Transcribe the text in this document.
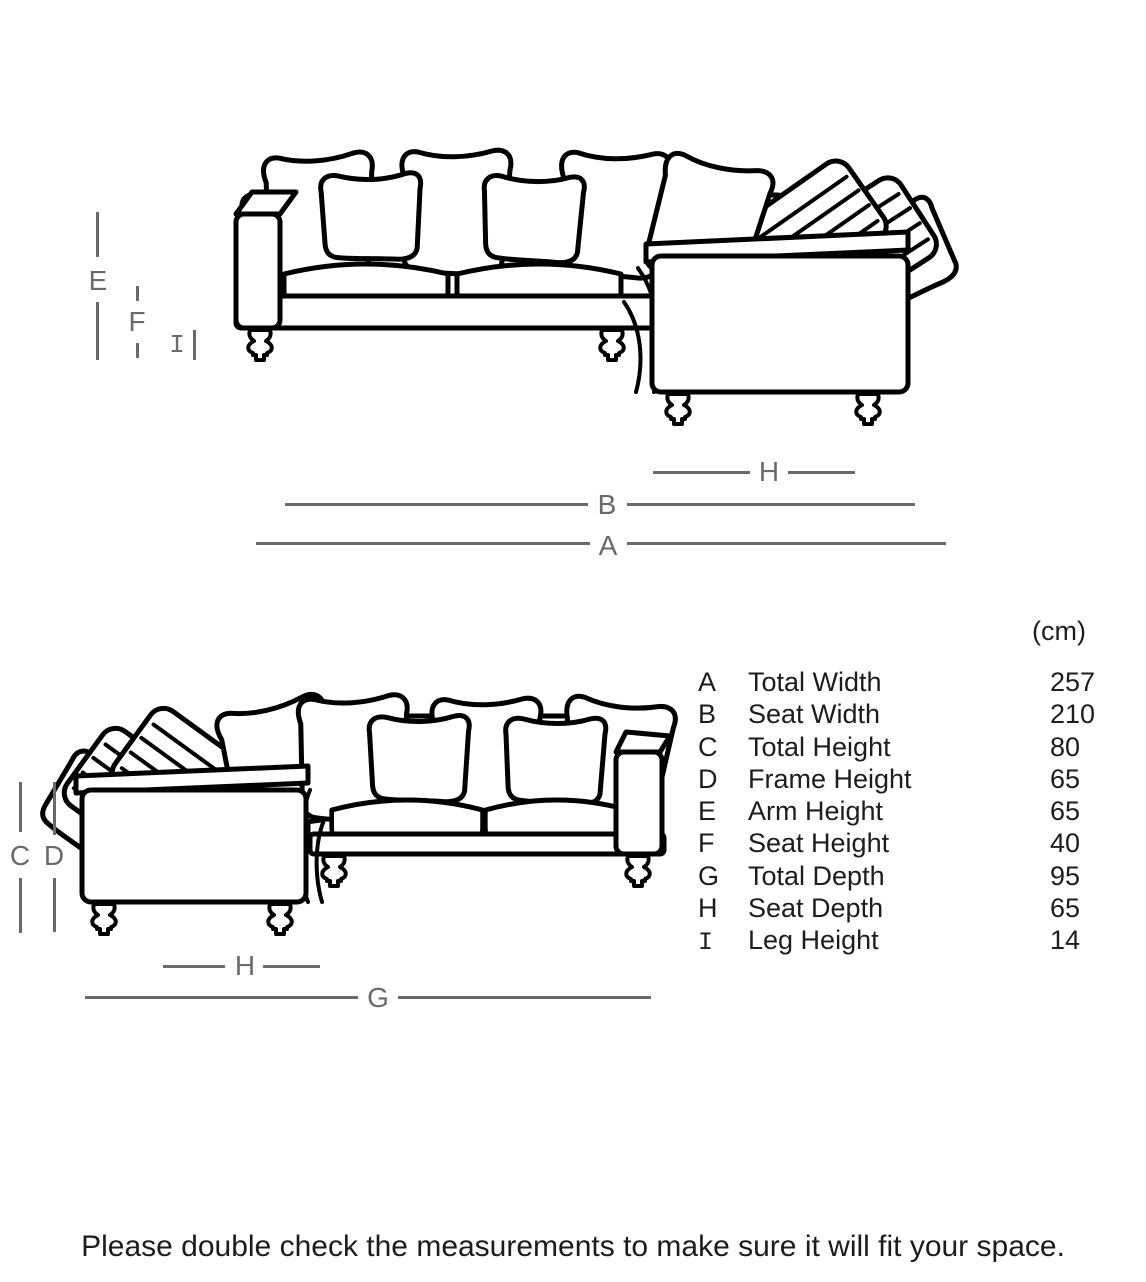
E
F
I
H
B
A
C D
H
G
(cm)
A Total Width	257
B Seat Width	210
C Total Height	80
D Frame Height	65
E Arm Height	65
F Seat Height	40
G Total Depth	95
H Seat Depth	65
I Leg Height	14
Please double check the measurements to make sure it will fit your space.
